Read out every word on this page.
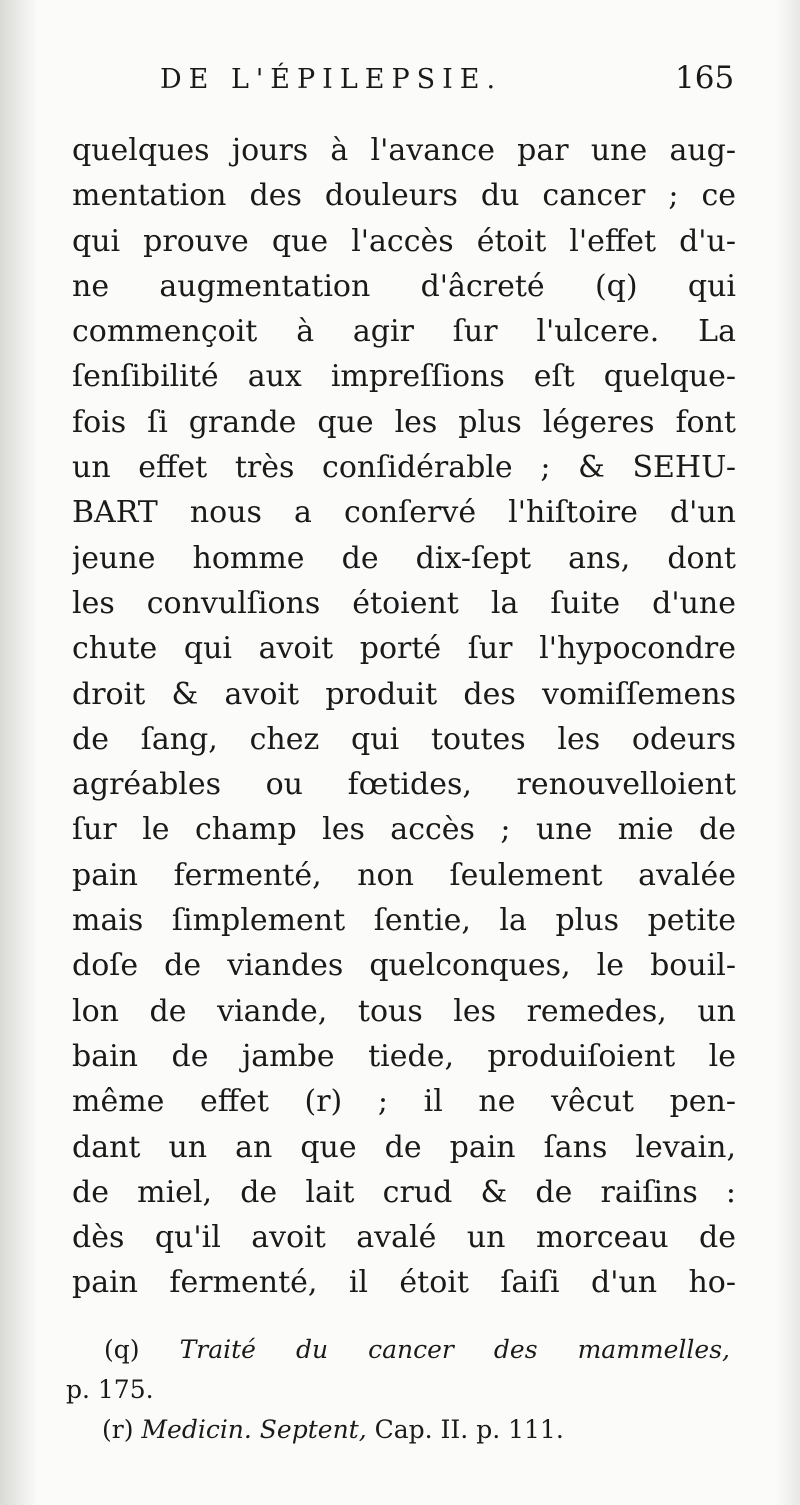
DE L'ÉPILEPSIE.	165
quelques jours à l'avance par une aug-
mentation des douleurs du cancer ; ce
qui prouve que l'accès étoit l'effet d'u-
ne augmentation d'âcreté (q) qui
commençoit à agir ſur l'ulcere. La
ſenſibilité aux impreſſions eſt quelque-
fois ſi grande que les plus légeres font
un effet très conſidérable ; & SEHU-
BART nous a conſervé l'hiſtoire d'un
jeune homme de dix-ſept ans, dont
les convulſions étoient la ſuite d'une
chute qui avoit porté ſur l'hypocondre
droit & avoit produit des vomiſſemens
de ſang, chez qui toutes les odeurs
agréables ou fœtides, renouvelloient
ſur le champ les accès ; une mie de
pain fermenté, non ſeulement avalée
mais ſimplement ſentie, la plus petite
doſe de viandes quelconques, le bouil-
lon de viande, tous les remedes, un
bain de jambe tiede, produiſoient le
même effet (r) ; il ne vêcut pen-
dant un an que de pain ſans levain,
de miel, de lait crud & de raiſins :
dès qu'il avoit avalé un morceau de
pain fermenté, il étoit ſaiſi d'un ho-
(q) Traité du cancer des mammelles,
p. 175.
(r) Medicin. Septent, Cap. II. p. 111.
